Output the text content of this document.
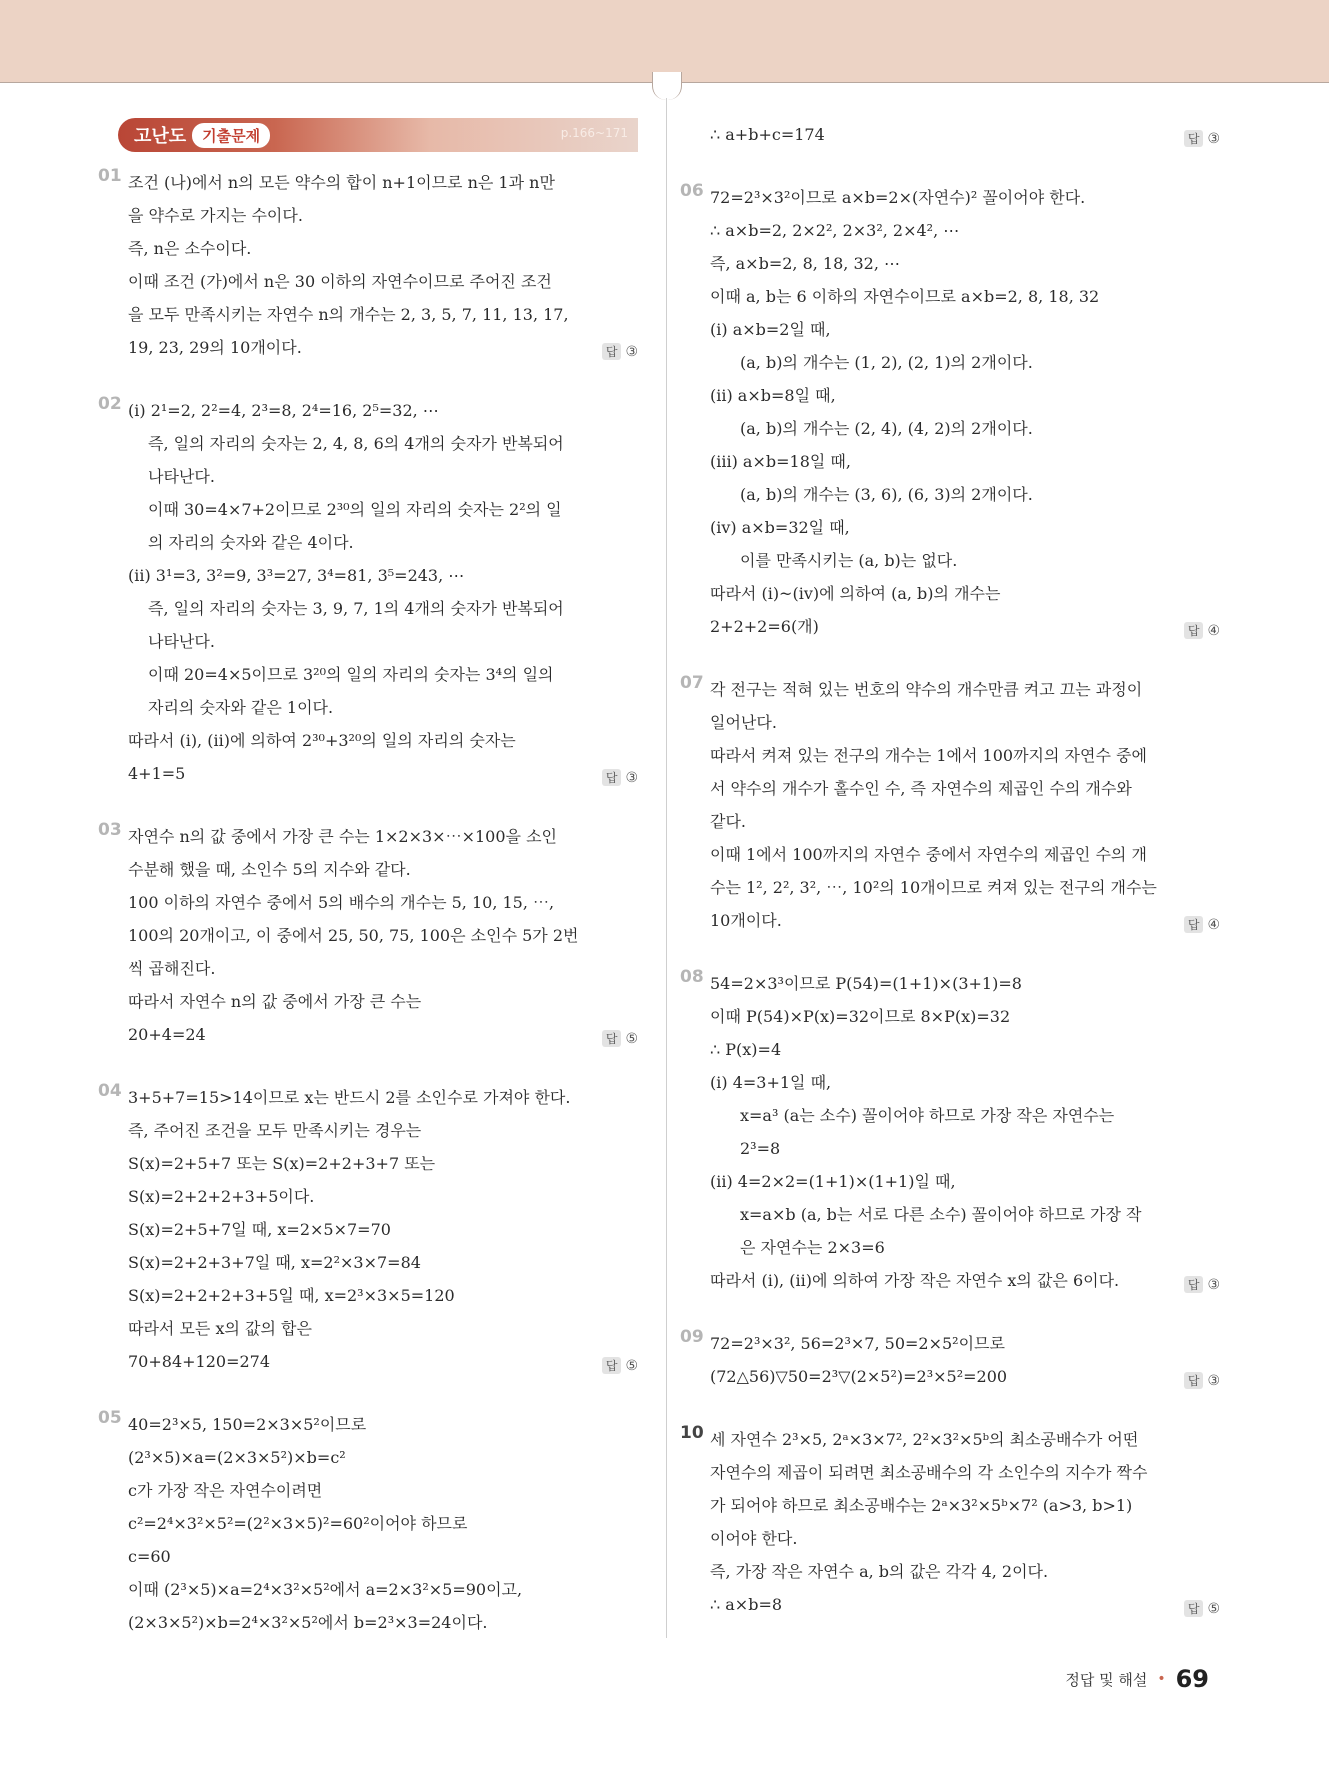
고난도	기출문제	p.166~171
01 조건 (나)에서 n의 모든 약수의 합이 n+1이므로 n은 1과 n만
을 약수로 가지는 수이다.
즉, n은 소수이다.
이때 조건 (가)에서 n은 30 이하의 자연수이므로 주어진 조건
을 모두 만족시키는 자연수 n의 개수는 2, 3, 5, 7, 11, 13, 17,
19, 23, 29의 10개이다.	답 ③
02 (i) 2¹=2, 2²=4, 2³=8, 2⁴=16, 2⁵=32, ⋯
즉, 일의 자리의 숫자는 2, 4, 8, 6의 4개의 숫자가 반복되어
나타난다.
이때 30=4×7+2이므로 2³⁰의 일의 자리의 숫자는 2²의 일
의 자리의 숫자와 같은 4이다.
(ii) 3¹=3, 3²=9, 3³=27, 3⁴=81, 3⁵=243, ⋯
즉, 일의 자리의 숫자는 3, 9, 7, 1의 4개의 숫자가 반복되어
나타난다.
이때 20=4×5이므로 3²⁰의 일의 자리의 숫자는 3⁴의 일의
자리의 숫자와 같은 1이다.
따라서 (i), (ii)에 의하여 2³⁰+3²⁰의 일의 자리의 숫자는
4+1=5	답 ③
03 자연수 n의 값 중에서 가장 큰 수는 1×2×3×⋯×100을 소인
수분해 했을 때, 소인수 5의 지수와 같다.
100 이하의 자연수 중에서 5의 배수의 개수는 5, 10, 15, ⋯,
100의 20개이고, 이 중에서 25, 50, 75, 100은 소인수 5가 2번
씩 곱해진다.
따라서 자연수 n의 값 중에서 가장 큰 수는
20+4=24	답 ⑤
04 3+5+7=15>14이므로 x는 반드시 2를 소인수로 가져야 한다.
즉, 주어진 조건을 모두 만족시키는 경우는
S(x)=2+5+7 또는 S(x)=2+2+3+7 또는
S(x)=2+2+2+3+5이다.
S(x)=2+5+7일 때, x=2×5×7=70
S(x)=2+2+3+7일 때, x=2²×3×7=84
S(x)=2+2+2+3+5일 때, x=2³×3×5=120
따라서 모든 x의 값의 합은
70+84+120=274	답 ⑤
05 40=2³×5, 150=2×3×5²이므로
(2³×5)×a=(2×3×5²)×b=c²
c가 가장 작은 자연수이려면
c²=2⁴×3²×5²=(2²×3×5)²=60²이어야 하므로
c=60
이때 (2³×5)×a=2⁴×3²×5²에서 a=2×3²×5=90이고,
(2×3×5²)×b=2⁴×3²×5²에서 b=2³×3=24이다.
∴ a+b+c=174	답 ③
06 72=2³×3²이므로 a×b=2×(자연수)² 꼴이어야 한다.
∴ a×b=2, 2×2², 2×3², 2×4², ⋯
즉, a×b=2, 8, 18, 32, ⋯
이때 a, b는 6 이하의 자연수이므로 a×b=2, 8, 18, 32
(i) a×b=2일 때,
(a, b)의 개수는 (1, 2), (2, 1)의 2개이다.
(ii) a×b=8일 때,
(a, b)의 개수는 (2, 4), (4, 2)의 2개이다.
(iii) a×b=18일 때,
(a, b)의 개수는 (3, 6), (6, 3)의 2개이다.
(iv) a×b=32일 때,
이를 만족시키는 (a, b)는 없다.
따라서 (i)~(iv)에 의하여 (a, b)의 개수는
2+2+2=6(개)	답 ④
07 각 전구는 적혀 있는 번호의 약수의 개수만큼 켜고 끄는 과정이
일어난다.
따라서 켜져 있는 전구의 개수는 1에서 100까지의 자연수 중에
서 약수의 개수가 홀수인 수, 즉 자연수의 제곱인 수의 개수와
같다.
이때 1에서 100까지의 자연수 중에서 자연수의 제곱인 수의 개
수는 1², 2², 3², ⋯, 10²의 10개이므로 켜져 있는 전구의 개수는
10개이다.	답 ④
08 54=2×3³이므로 P(54)=(1+1)×(3+1)=8
이때 P(54)×P(x)=32이므로 8×P(x)=32
∴ P(x)=4
(i) 4=3+1일 때,
x=a³ (a는 소수) 꼴이어야 하므로 가장 작은 자연수는
2³=8
(ii) 4=2×2=(1+1)×(1+1)일 때,
x=a×b (a, b는 서로 다른 소수) 꼴이어야 하므로 가장 작
은 자연수는 2×3=6
따라서 (i), (ii)에 의하여 가장 작은 자연수 x의 값은 6이다.	답 ③
09 72=2³×3², 56=2³×7, 50=2×5²이므로
(72△56)▽50=2³▽(2×5²)=2³×5²=200	답 ③
10 세 자연수 2³×5, 2ᵃ×3×7², 2²×3²×5ᵇ의 최소공배수가 어떤
자연수의 제곱이 되려면 최소공배수의 각 소인수의 지수가 짝수
가 되어야 하므로 최소공배수는 2ᵃ×3²×5ᵇ×7² (a>3, b>1)
이어야 한다.
즉, 가장 작은 자연수 a, b의 값은 각각 4, 2이다.
∴ a×b=8	답 ⑤
정답 및 해설 • 69
